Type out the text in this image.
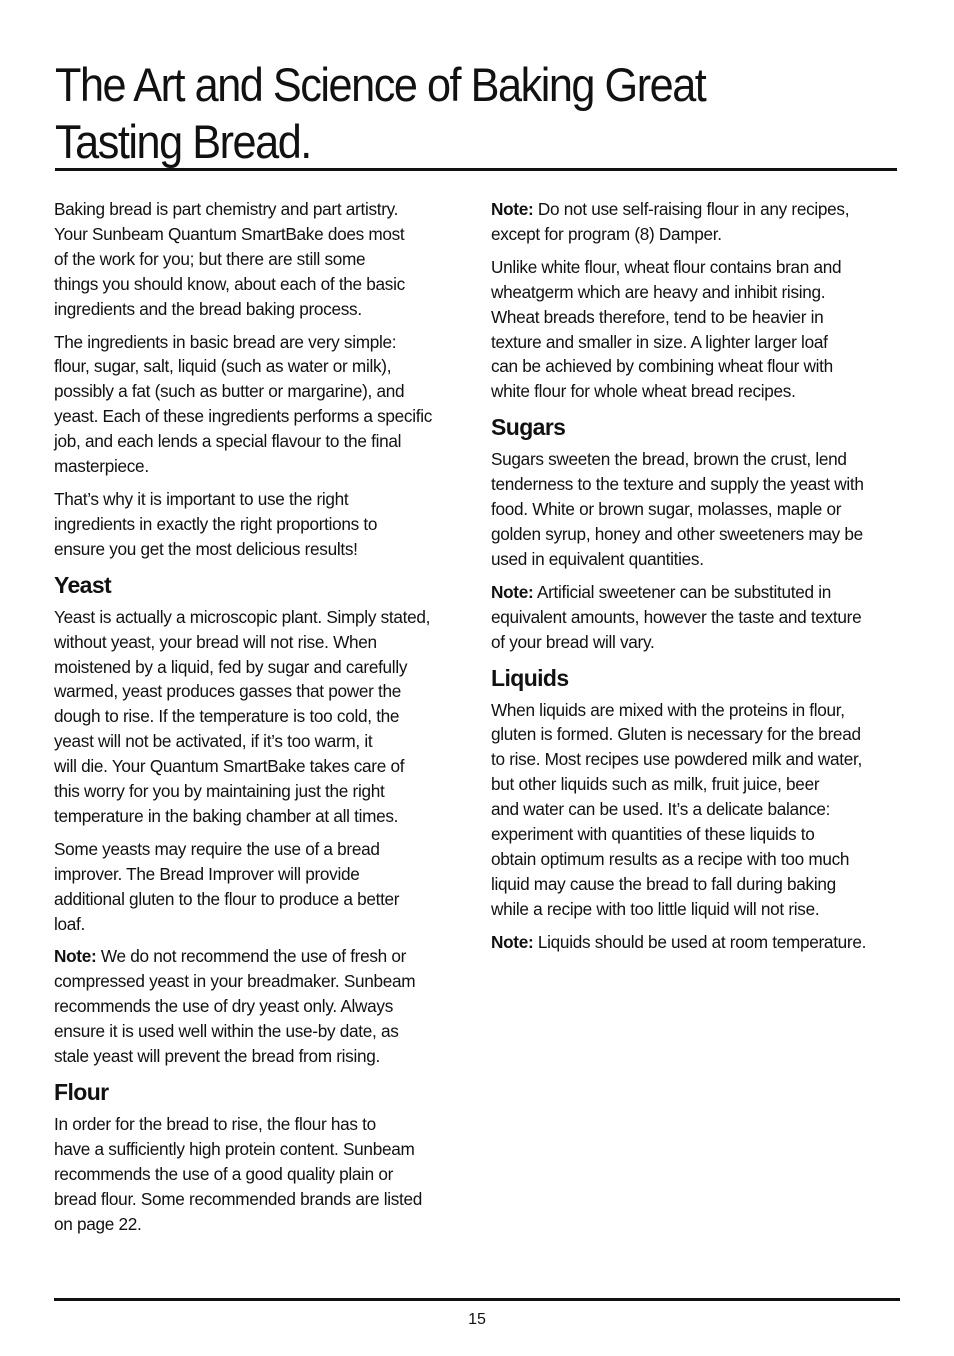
The Art and Science of Baking Great
Tasting Bread.

Baking bread is part chemistry and part artistry.
Your Sunbeam Quantum SmartBake does most
of the work for you; but there are still some
things you should know, about each of the basic
ingredients and the bread baking process.

The ingredients in basic bread are very simple:
flour, sugar, salt, liquid (such as water or milk),
possibly a fat (such as butter or margarine), and
yeast. Each of these ingredients performs a specific
job, and each lends a special flavour to the final
masterpiece.

That’s why it is important to use the right
ingredients in exactly the right proportions to
ensure you get the most delicious results!

Yeast

Yeast is actually a microscopic plant. Simply stated,
without yeast, your bread will not rise. When
moistened by a liquid, fed by sugar and carefully
warmed, yeast produces gasses that power the
dough to rise. If the temperature is too cold, the
yeast will not be activated, if it’s too warm, it
will die. Your Quantum SmartBake takes care of
this worry for you by maintaining just the right
temperature in the baking chamber at all times.

Some yeasts may require the use of a bread
improver. The Bread Improver will provide
additional gluten to the flour to produce a better
loaf.

Note: We do not recommend the use of fresh or
compressed yeast in your breadmaker. Sunbeam
recommends the use of dry yeast only. Always
ensure it is used well within the use-by date, as
stale yeast will prevent the bread from rising.

Flour

In order for the bread to rise, the flour has to
have a sufficiently high protein content. Sunbeam
recommends the use of a good quality plain or
bread flour. Some recommended brands are listed
on page 22.

Note: Do not use self-raising flour in any recipes,
except for program (8) Damper.

Unlike white flour, wheat flour contains bran and
wheatgerm which are heavy and inhibit rising.
Wheat breads therefore, tend to be heavier in
texture and smaller in size. A lighter larger loaf
can be achieved by combining wheat flour with
white flour for whole wheat bread recipes.

Sugars

Sugars sweeten the bread, brown the crust, lend
tenderness to the texture and supply the yeast with
food. White or brown sugar, molasses, maple or
golden syrup, honey and other sweeteners may be
used in equivalent quantities.

Note: Artificial sweetener can be substituted in
equivalent amounts, however the taste and texture
of your bread will vary.

Liquids

When liquids are mixed with the proteins in flour,
gluten is formed. Gluten is necessary for the bread
to rise. Most recipes use powdered milk and water,
but other liquids such as milk, fruit juice, beer
and water can be used. It’s a delicate balance:
experiment with quantities of these liquids to
obtain optimum results as a recipe with too much
liquid may cause the bread to fall during baking
while a recipe with too little liquid will not rise.

Note: Liquids should be used at room temperature.

15
